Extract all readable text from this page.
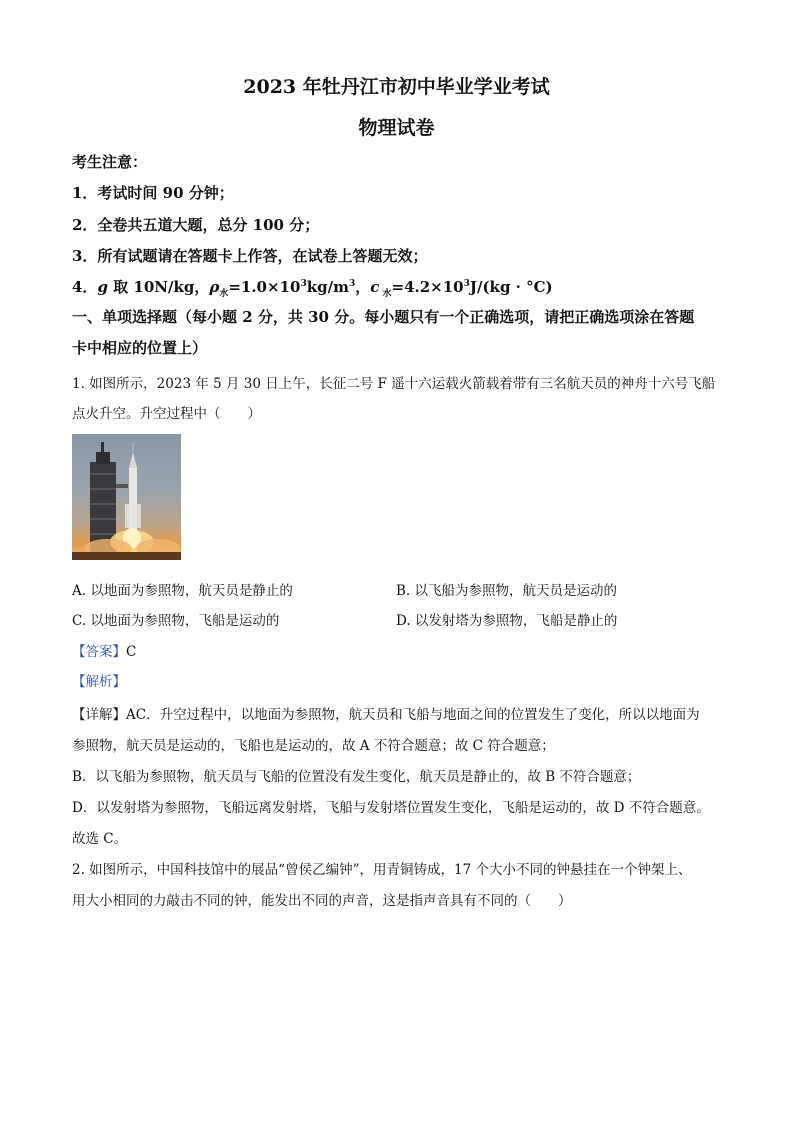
2023 年牡丹江市初中毕业学业考试
物理试卷
考生注意：
1．考试时间 90 分钟；
2．全卷共五道大题，总分 100 分；
3．所有试题请在答题卡上作答，在试卷上答题无效；
4．g 取 10N/kg，$\rho_水=1.0\times 10^3kg/m^3$，c $_水=4.2\times 10^3J/(kg \cdot ^\circ C)$
一、单项选择题（每小题 2 分，共 30 分。每小题只有一个正确选项，请把正确选项涂在答题
卡中相应的位置上）
1. 如图所示，2023 年 5 月 30 日上午，长征二号 F 遥十六运载火箭载着带有三名航天员的神舟十六号飞船
点火升空。升空过程中（　　）
A. 以地面为参照物，航天员是静止的	B. 以飞船为参照物，航天员是运动的
C. 以地面为参照物，飞船是运动的	D. 以发射塔为参照物，飞船是静止的
【答案】C
【解析】
【详解】AC．升空过程中，以地面为参照物，航天员和飞船与地面之间的位置发生了变化，所以以地面为
参照物，航天员是运动的，飞船也是运动的，故 A 不符合题意；故 C 符合题意；
B．以飞船为参照物，航天员与飞船的位置没有发生变化，航天员是静止的，故 B 不符合题意；
D．以发射塔为参照物，飞船远离发射塔，飞船与发射塔位置发生变化，飞船是运动的，故 D 不符合题意。
故选 C。
2. 如图所示，中国科技馆中的展品“曾侯乙编钟”，用青铜铸成，17 个大小不同的钟悬挂在一个钟架上、
用大小相同的力敲击不同的钟，能发出不同的声音，这是指声音具有不同的（　　）
